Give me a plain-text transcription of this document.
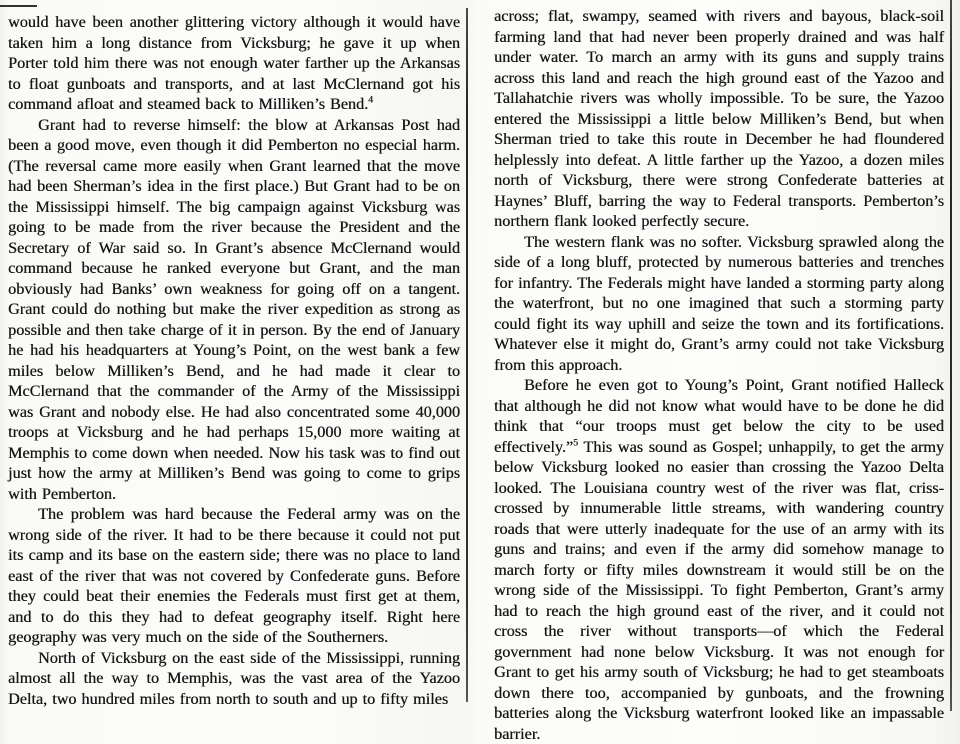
would have been another glittering victory although it would have taken him a long distance from Vicksburg; he gave it up when Porter told him there was not enough water farther up the Arkansas to float gunboats and transports, and at last McClernand got his command afloat and steamed back to Milliken’s Bend.$^4$

Grant had to reverse himself: the blow at Arkansas Post had been a good move, even though it did Pemberton no especial harm. (The reversal came more easily when Grant learned that the move had been Sherman’s idea in the first place.) But Grant had to be on the Mississippi himself. The big campaign against Vicksburg was going to be made from the river because the President and the Secretary of War said so. In Grant’s absence McClernand would command because he ranked everyone but Grant, and the man obviously had Banks’ own weakness for going off on a tangent. Grant could do nothing but make the river expedition as strong as possible and then take charge of it in person. By the end of January he had his headquarters at Young’s Point, on the west bank a few miles below Milliken’s Bend, and he had made it clear to McClernand that the commander of the Army of the Mississippi was Grant and nobody else. He had also concentrated some 40,000 troops at Vicksburg and he had perhaps 15,000 more waiting at Memphis to come down when needed. Now his task was to find out just how the army at Milliken’s Bend was going to come to grips with Pemberton.

The problem was hard because the Federal army was on the wrong side of the river. It had to be there because it could not put its camp and its base on the eastern side; there was no place to land east of the river that was not covered by Confederate guns. Before they could beat their enemies the Federals must first get at them, and to do this they had to defeat geography itself. Right here geography was very much on the side of the Southerners.

North of Vicksburg on the east side of the Mississippi, running almost all the way to Memphis, was the vast area of the Yazoo Delta, two hundred miles from north to south and up to fifty miles

across; flat, swampy, seamed with rivers and bayous, black-soil farming land that had never been properly drained and was half under water. To march an army with its guns and supply trains across this land and reach the high ground east of the Yazoo and Tallahatchie rivers was wholly impossible. To be sure, the Yazoo entered the Mississippi a little below Milliken’s Bend, but when Sherman tried to take this route in December he had floundered helplessly into defeat. A little farther up the Yazoo, a dozen miles north of Vicksburg, there were strong Confederate batteries at Haynes’ Bluff, barring the way to Federal transports. Pemberton’s northern flank looked perfectly secure.

The western flank was no softer. Vicksburg sprawled along the side of a long bluff, protected by numerous batteries and trenches for infantry. The Federals might have landed a storming party along the waterfront, but no one imagined that such a storming party could fight its way uphill and seize the town and its fortifications. Whatever else it might do, Grant’s army could not take Vicksburg from this approach.

Before he even got to Young’s Point, Grant notified Halleck that although he did not know what would have to be done he did think that “our troops must get below the city to be used effectively.”$^5$ This was sound as Gospel; unhappily, to get the army below Vicksburg looked no easier than crossing the Yazoo Delta looked. The Louisiana country west of the river was flat, criss-crossed by innumerable little streams, with wandering country roads that were utterly inadequate for the use of an army with its guns and trains; and even if the army did somehow manage to march forty or fifty miles downstream it would still be on the wrong side of the Mississippi. To fight Pemberton, Grant’s army had to reach the high ground east of the river, and it could not cross the river without transports—of which the Federal government had none below Vicksburg. It was not enough for Grant to get his army south of Vicksburg; he had to get steamboats down there too, accompanied by gunboats, and the frowning batteries along the Vicksburg waterfront looked like an impassable barrier.
